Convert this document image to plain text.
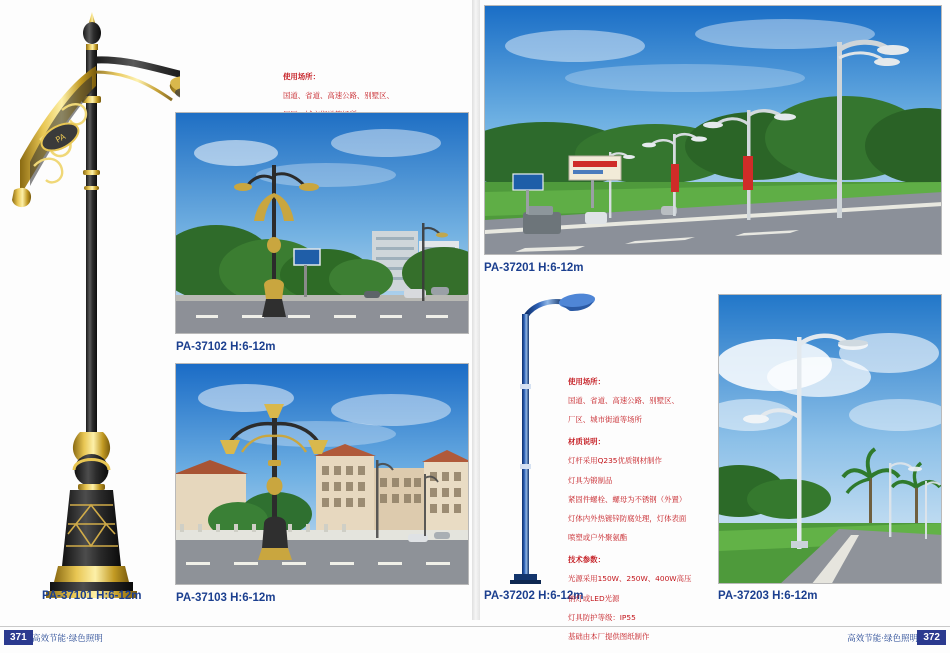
PA
PA-37101 H:6-12m

使用场所：

国道、省道、高速公路、别墅区、

PA-37102 H:6-12m
PA-37103 H:6-12m
PA-37201 H:6-12m
PA-37202 H:6-12m

使用场所：

国道、省道、高速公路、别墅区、

厂区、城市街道等场所

材质说明：

灯杆采用Q235优质钢材制作

灯具为锻制品

紧固件螺栓、螺母为不锈钢（外置）

灯体内外热镀锌防腐处理，灯体表面

喷塑或户外聚氨酯

技术参数：

光源采用150W、250W、400W高压

钠灯或LED光源

灯具防护等级：IP55

基础由本厂提供图纸制作

PA-37203 H:6-12m
371 高效节能·绿色照明	372
高效节能·绿色照明
